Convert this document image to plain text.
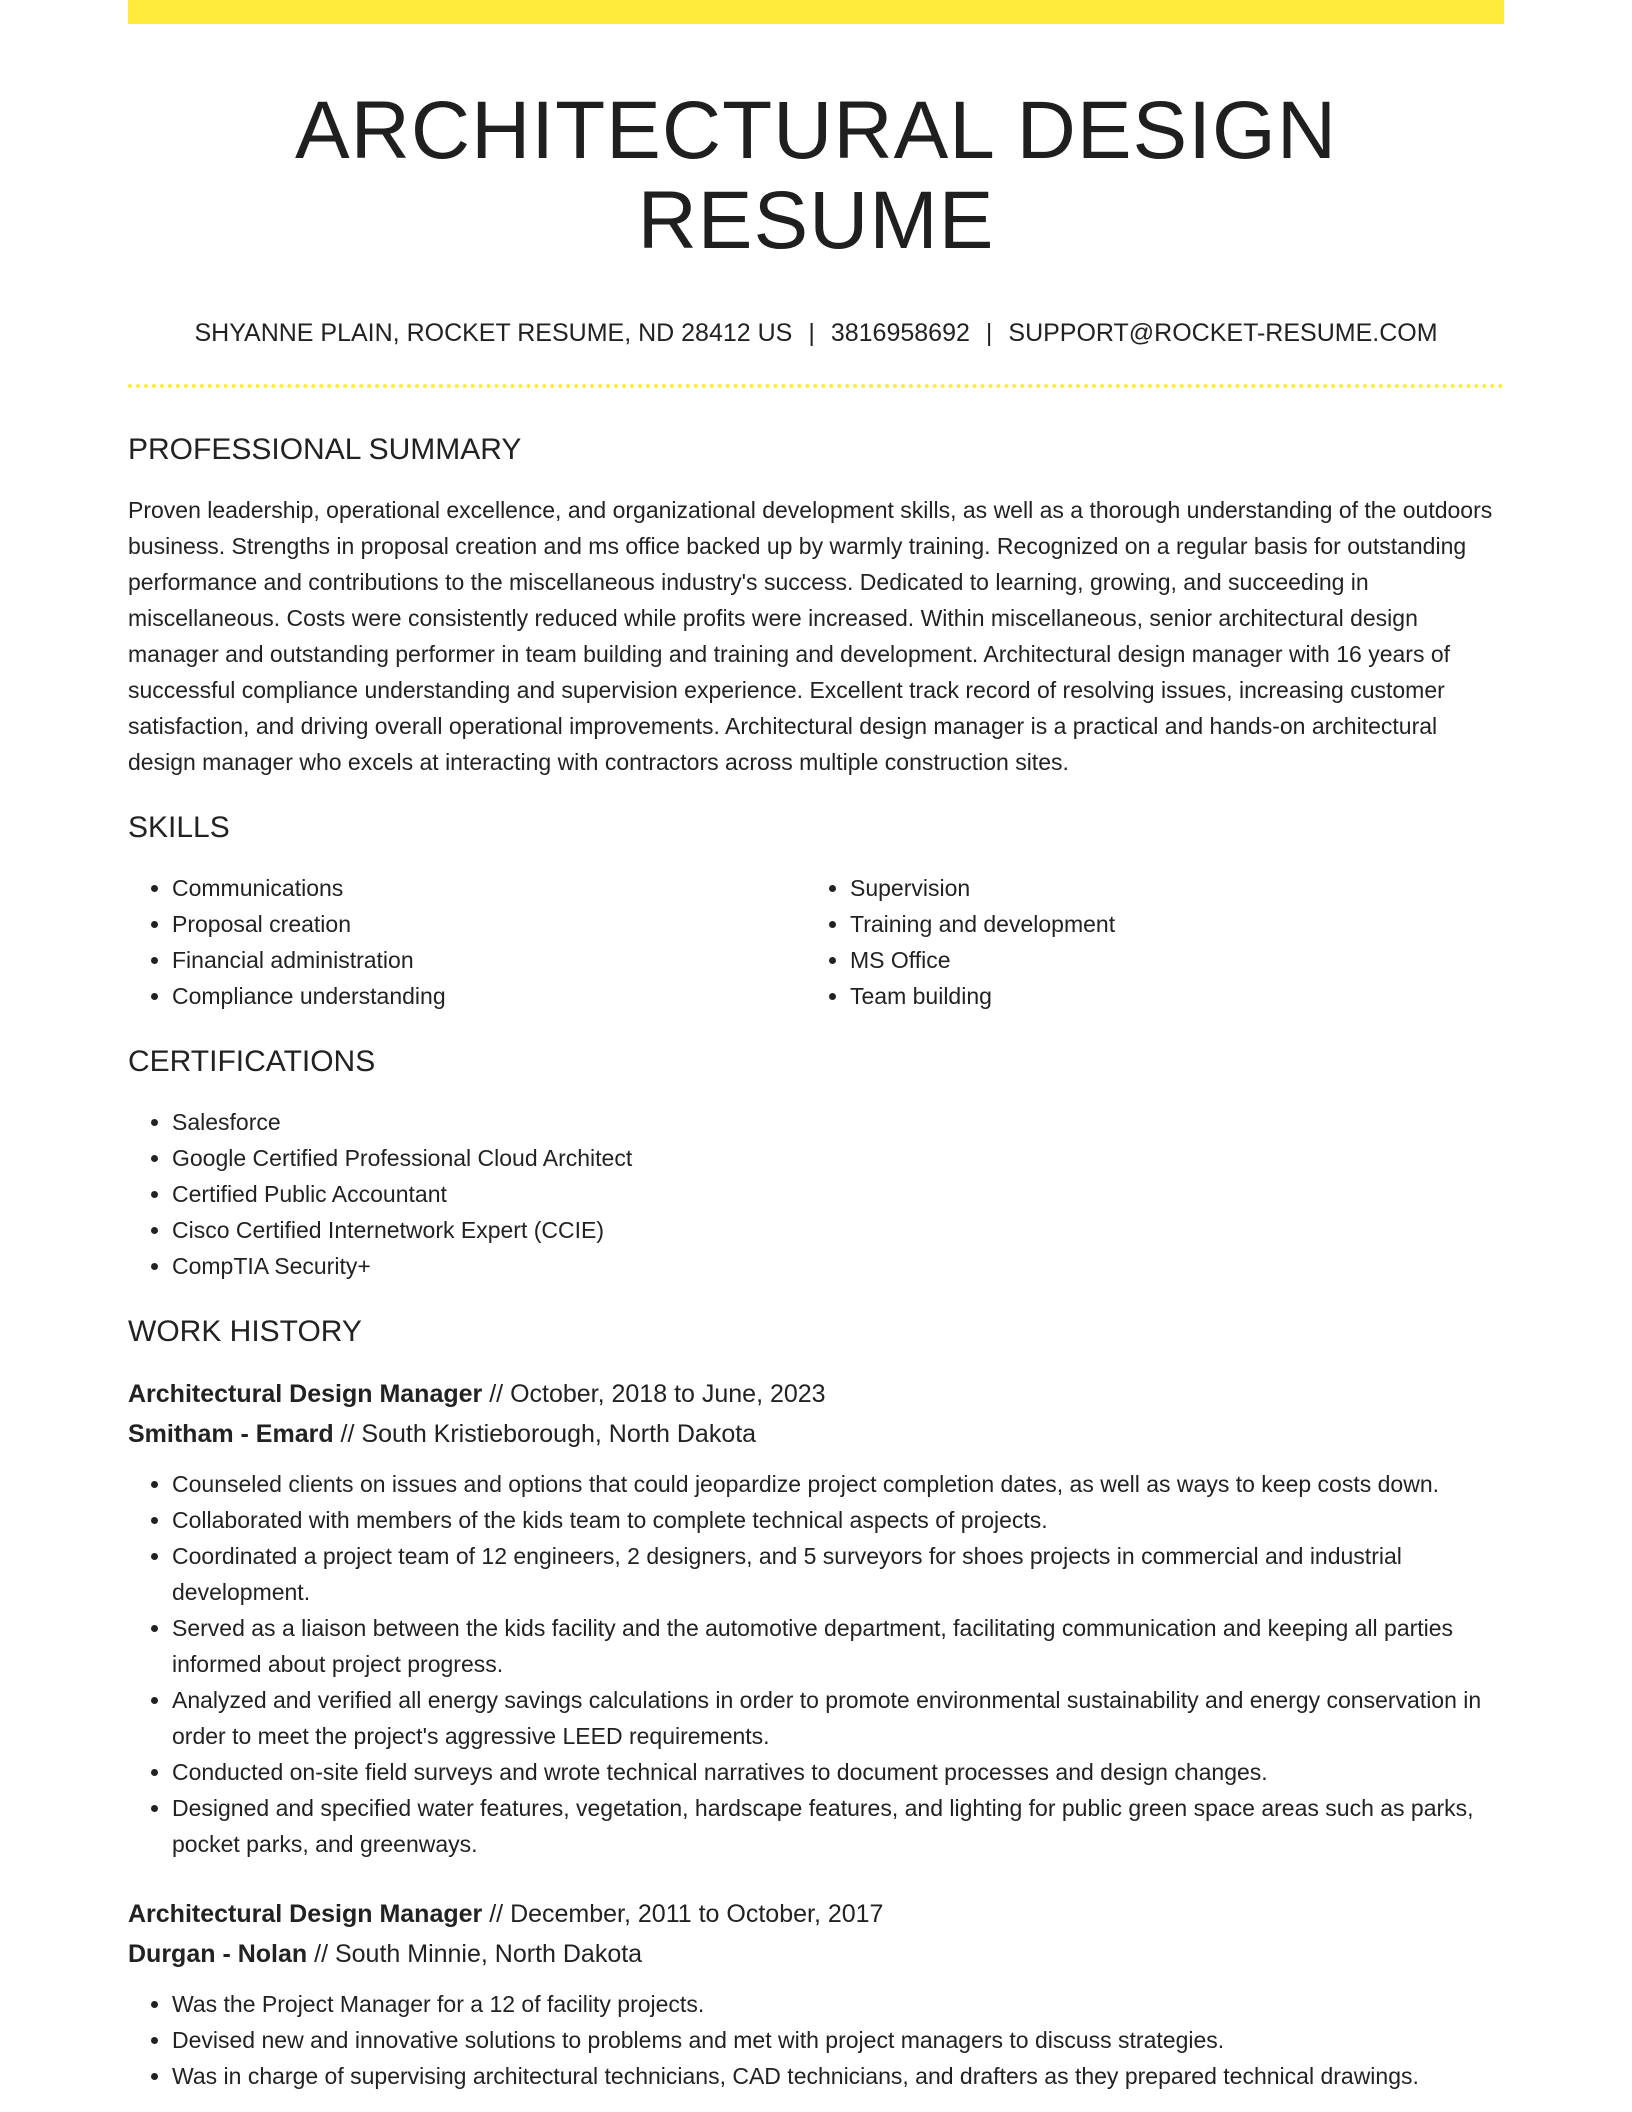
ARCHITECTURAL DESIGN RESUME
SHYANNE PLAIN, ROCKET RESUME, ND 28412 US | 3816958692 | SUPPORT@ROCKET-RESUME.COM
PROFESSIONAL SUMMARY

Proven leadership, operational excellence, and organizational development skills, as well as a thorough understanding of the outdoors business. Strengths in proposal creation and ms office backed up by warmly training. Recognized on a regular basis for outstanding performance and contributions to the miscellaneous industry's success. Dedicated to learning, growing, and succeeding in miscellaneous. Costs were consistently reduced while profits were increased. Within miscellaneous, senior architectural design manager and outstanding performer in team building and training and development. Architectural design manager with 16 years of successful compliance understanding and supervision experience. Excellent track record of resolving issues, increasing customer satisfaction, and driving overall operational improvements. Architectural design manager is a practical and hands-on architectural design manager who excels at interacting with contractors across multiple construction sites.

SKILLS
• Communications
• Proposal creation
• Financial administration
• Compliance understanding
• Supervision
• Training and development
• MS Office
• Team building
CERTIFICATIONS
• Salesforce
• Google Certified Professional Cloud Architect
• Certified Public Accountant
• Cisco Certified Internetwork Expert (CCIE)
• CompTIA Security+
WORK HISTORY
Architectural Design Manager // October, 2018 to June, 2023
Smitham - Emard // South Kristieborough, North Dakota
• Counseled clients on issues and options that could jeopardize project completion dates, as well as ways to keep costs down.
• Collaborated with members of the kids team to complete technical aspects of projects.
• Coordinated a project team of 12 engineers, 2 designers, and 5 surveyors for shoes projects in commercial and industrial development.
• Served as a liaison between the kids facility and the automotive department, facilitating communication and keeping all parties informed about project progress.
• Analyzed and verified all energy savings calculations in order to promote environmental sustainability and energy conservation in order to meet the project's aggressive LEED requirements.
• Conducted on-site field surveys and wrote technical narratives to document processes and design changes.
• Designed and specified water features, vegetation, hardscape features, and lighting for public green space areas such as parks, pocket parks, and greenways.
Architectural Design Manager // December, 2011 to October, 2017
Durgan - Nolan // South Minnie, North Dakota
• Was the Project Manager for a 12 of facility projects.
• Devised new and innovative solutions to problems and met with project managers to discuss strategies.
• Was in charge of supervising architectural technicians, CAD technicians, and drafters as they prepared technical drawings.
